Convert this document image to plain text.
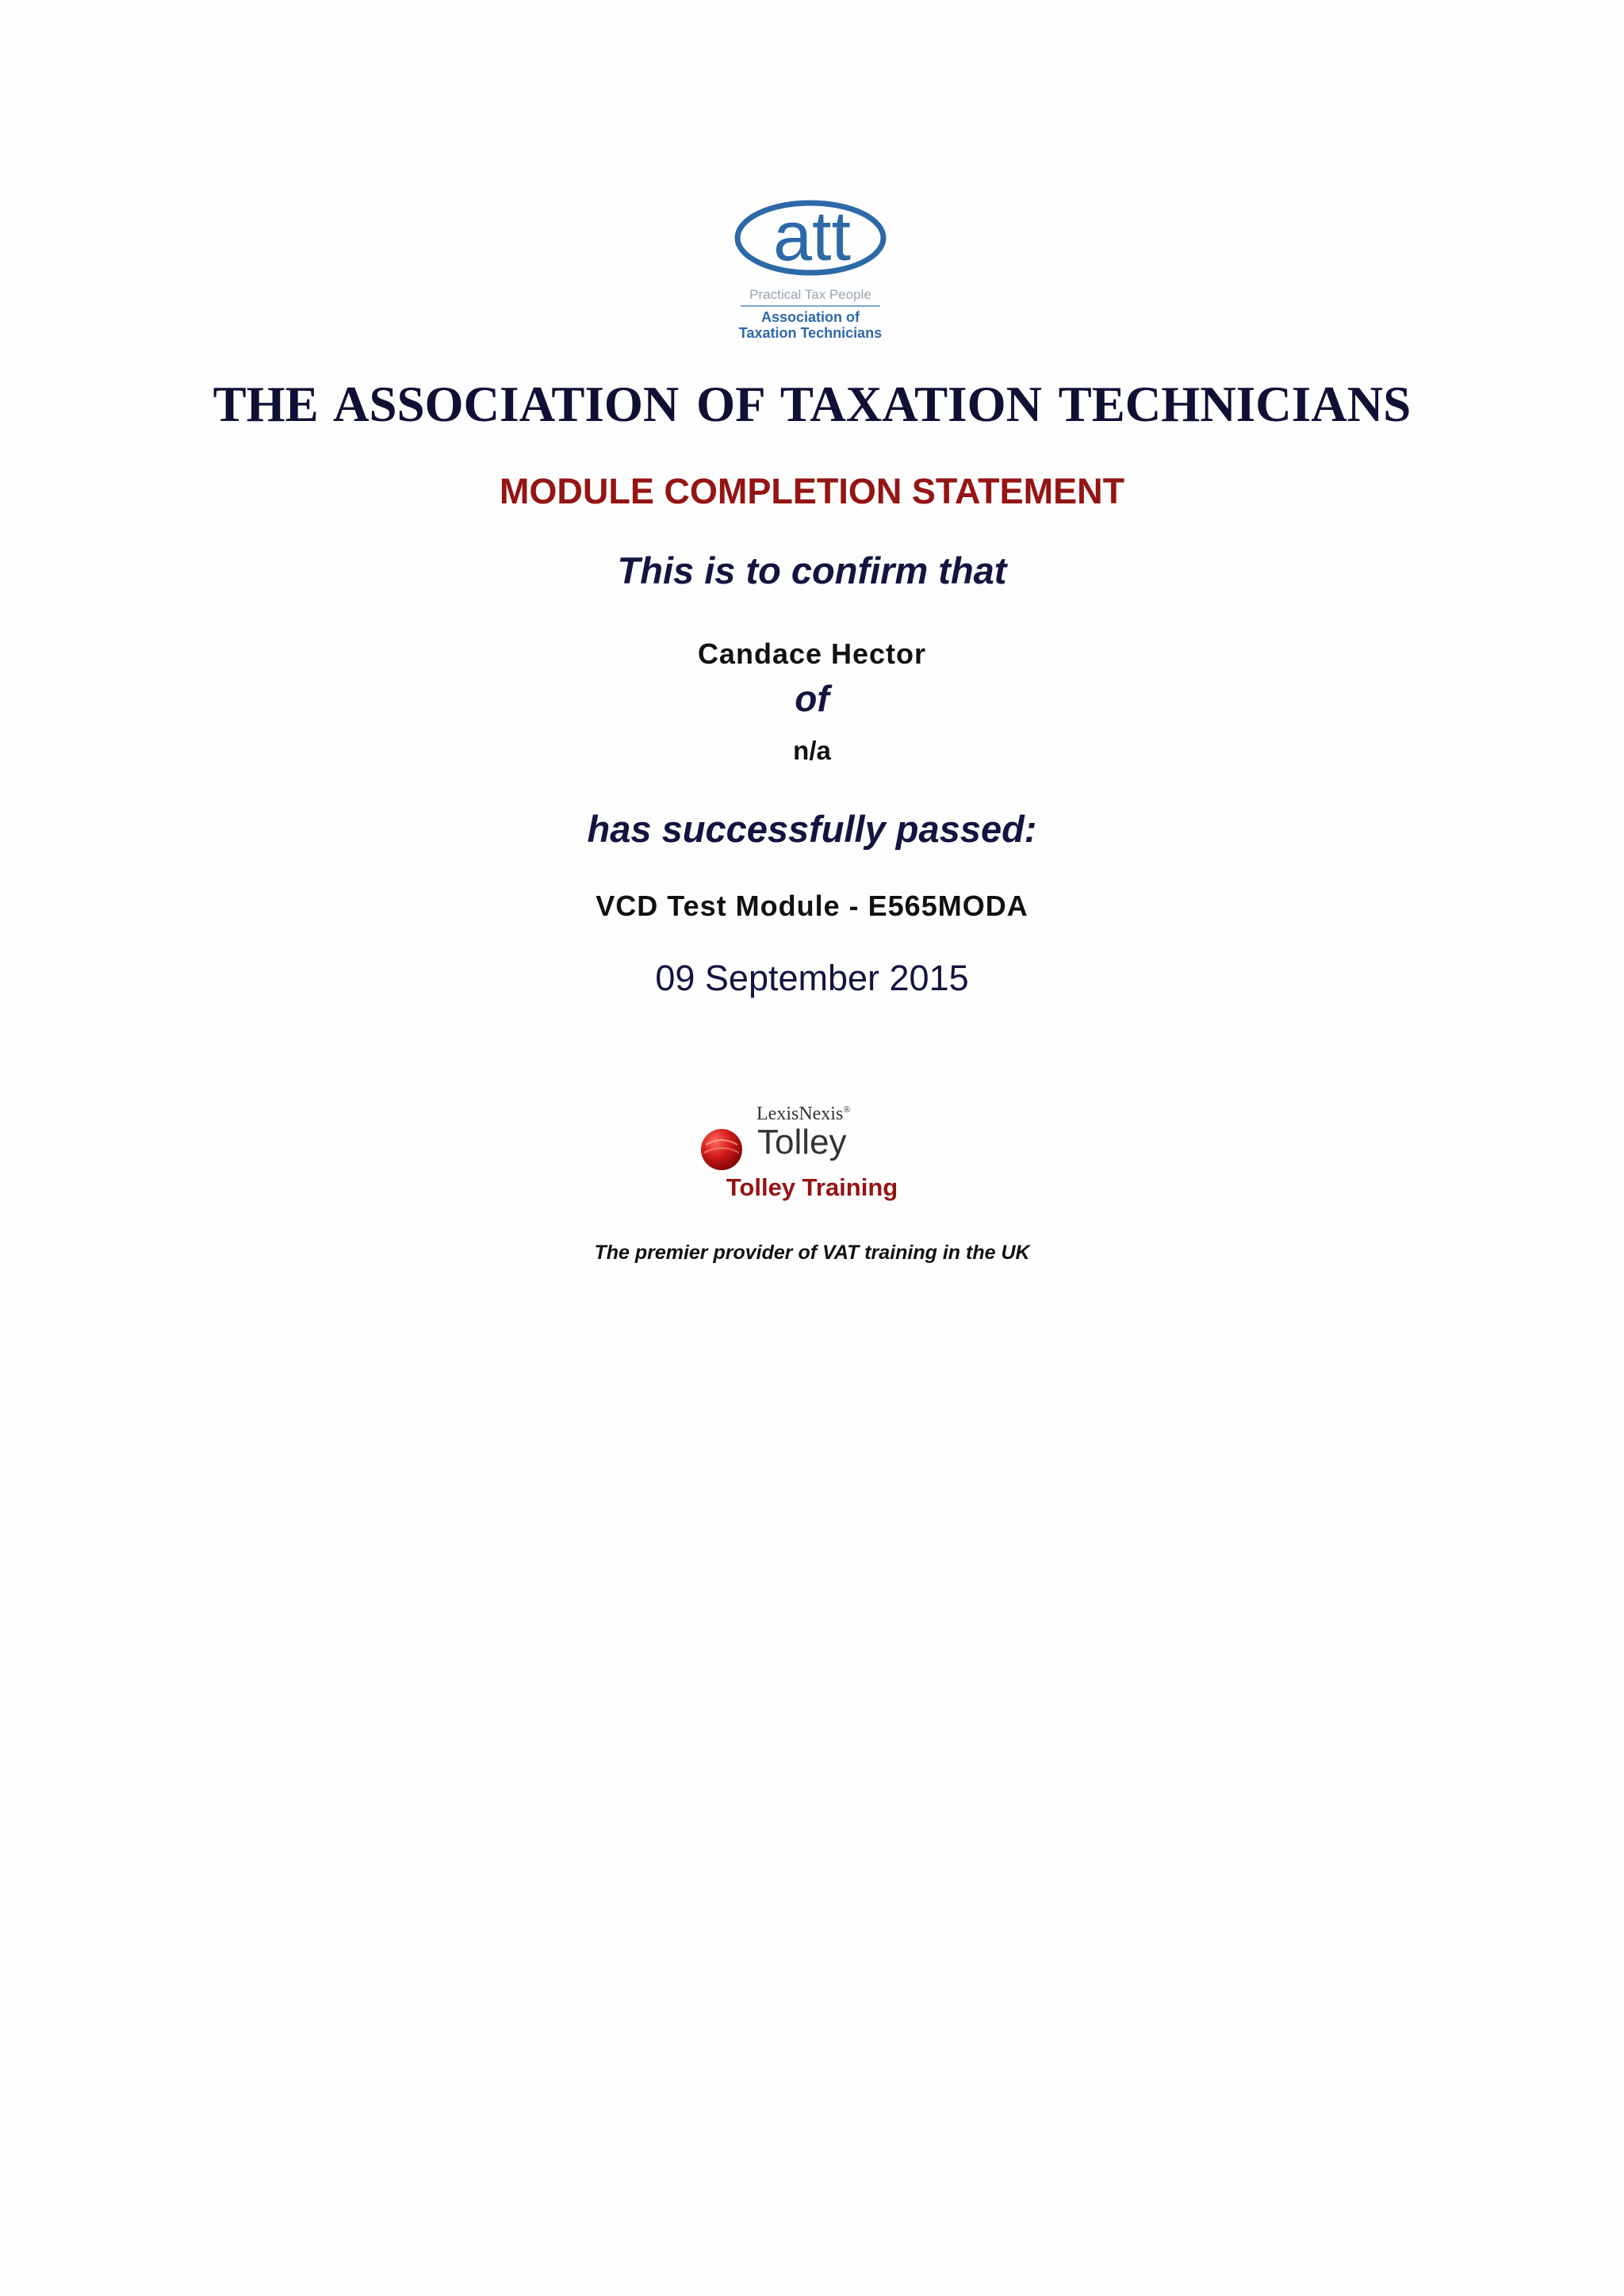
att
Practical Tax People
Association of
Taxation Technicians
THE ASSOCIATION OF TAXATION TECHNICIANS
MODULE COMPLETION STATEMENT
This is to confirm that
Candace Hector
of
n/a
has successfully passed:
VCD Test Module - E565MODA
09 September 2015
LexisNexis®
Tolley
Tolley Training
The premier provider of VAT training in the UK
